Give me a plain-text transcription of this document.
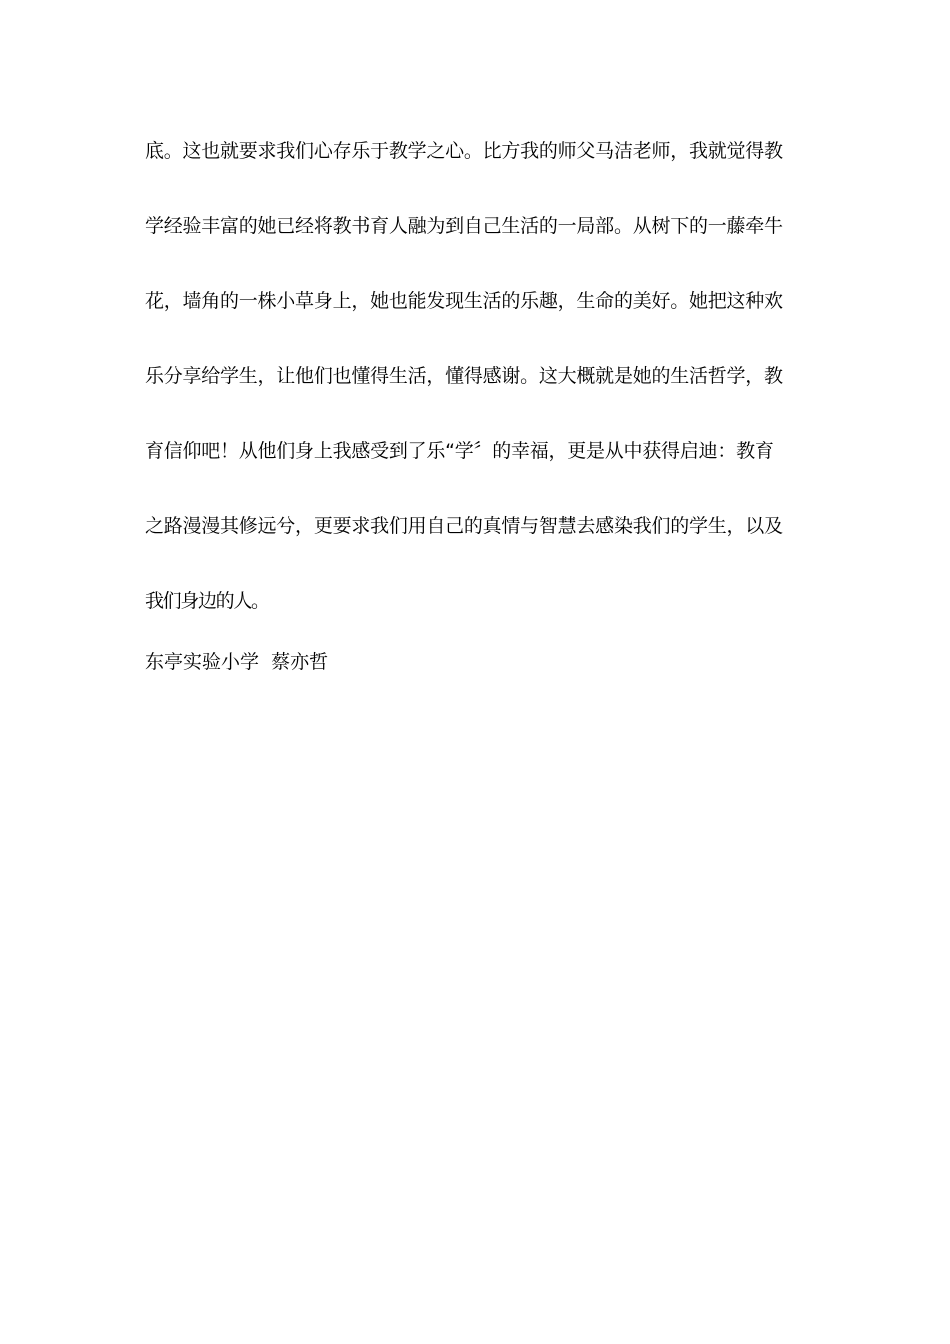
底。这也就要求我们心存乐于教学之心。比方我的师父马洁老师，我就觉得教
学经验丰富的她已经将教书育人融为到自己生活的一局部。从树下的一藤牵牛
花，墙角的一株小草身上，她也能发现生活的乐趣，生命的美好。她把这种欢
乐分享给学生，让他们也懂得生活，懂得感谢。这大概就是她的生活哲学，教
育信仰吧！从他们身上我感受到了乐“学〞的幸福，更是从中获得启迪：教育
之路漫漫其修远兮，更要求我们用自己的真情与智慧去感染我们的学生，以及
我们身边的人。
东亭实验小学  蔡亦哲
